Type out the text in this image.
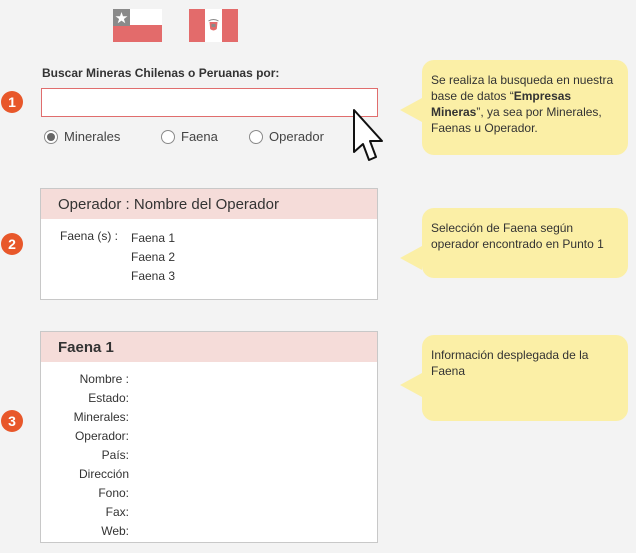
1
2
3
Buscar Mineras Chilenas o Peruanas por:
Minerales	Faena	Operador
Se realiza la busqueda en nuestra base de datos “Empresas Mineras”, ya sea por Minerales, Faenas u Operador.
Operador : Nombre del Operador
Faena (s) : Faena 1
Faena 2
Faena 3
Selección de Faena según operador encontrado en Punto 1
Faena 1
Nombre :
Estado:
Minerales:
Operador:
País:
Dirección
Fono:
Fax:
Web:
Información desplegada de la Faena
